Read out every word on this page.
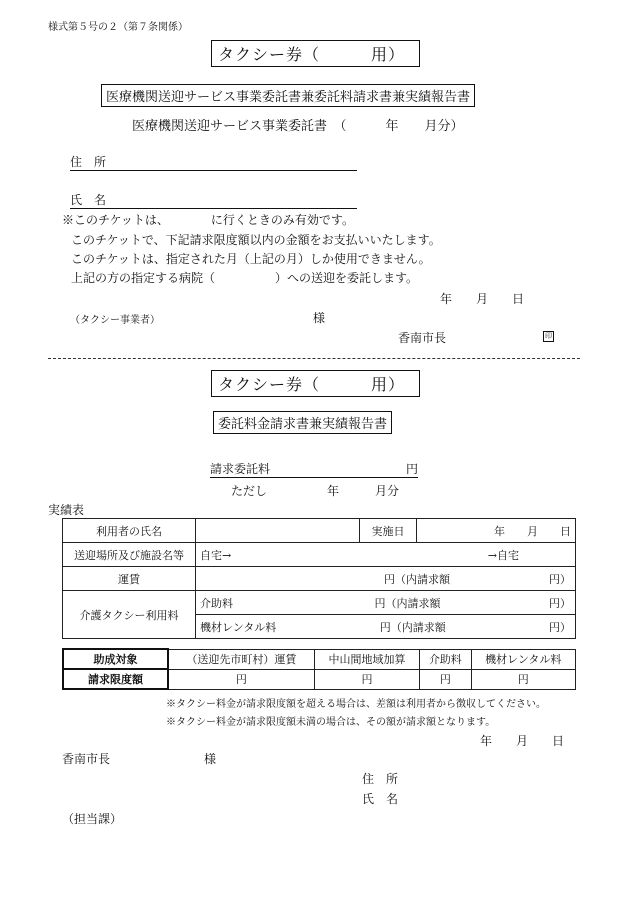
様式第５号の２（第７条関係）
タクシー券（　　　用）
医療機関送迎サービス事業委託書兼委託料請求書兼実績報告書
医療機関送迎サービス事業委託書　（　　　年　　月分）
住　所
氏　名
※このチケットは、　　　　に行くときのみ有効です。
このチケットで、下記請求限度額以内の金額をお支払いいたします。
このチケットは、指定された月（上記の月）しか使用できません。
上記の方の指定する病院（　　　　　）への送迎を委託します。
年　　月　　日
（タクシー事業者）	様
香南市長	印
タクシー券（　　　用）
委託料金請求書兼実績報告書
請求委託料	円
ただし　　　　　年　　　月分
実績表
利用者の氏名		実施日	年　　月　　日
送迎場所及び施設名等	自宅→ →自宅		

運賃	円（内請求額 円）		

介護タクシー利用料	介助料 円（内請求額 円）		

	機材レンタル料 円（内請求額 円）		
助成対象	（送迎先市町村）運賃	中山間地域加算	介助料	機材レンタル料
請求限度額	円	円	円	円
※タクシー料金が請求限度額を超える場合は、差額は利用者から徴収してください。
※タクシー料金が請求限度額未満の場合は、その額が請求額となります。
年　　月　　日
香南市長	様
住　所
氏　名
（担当課）
